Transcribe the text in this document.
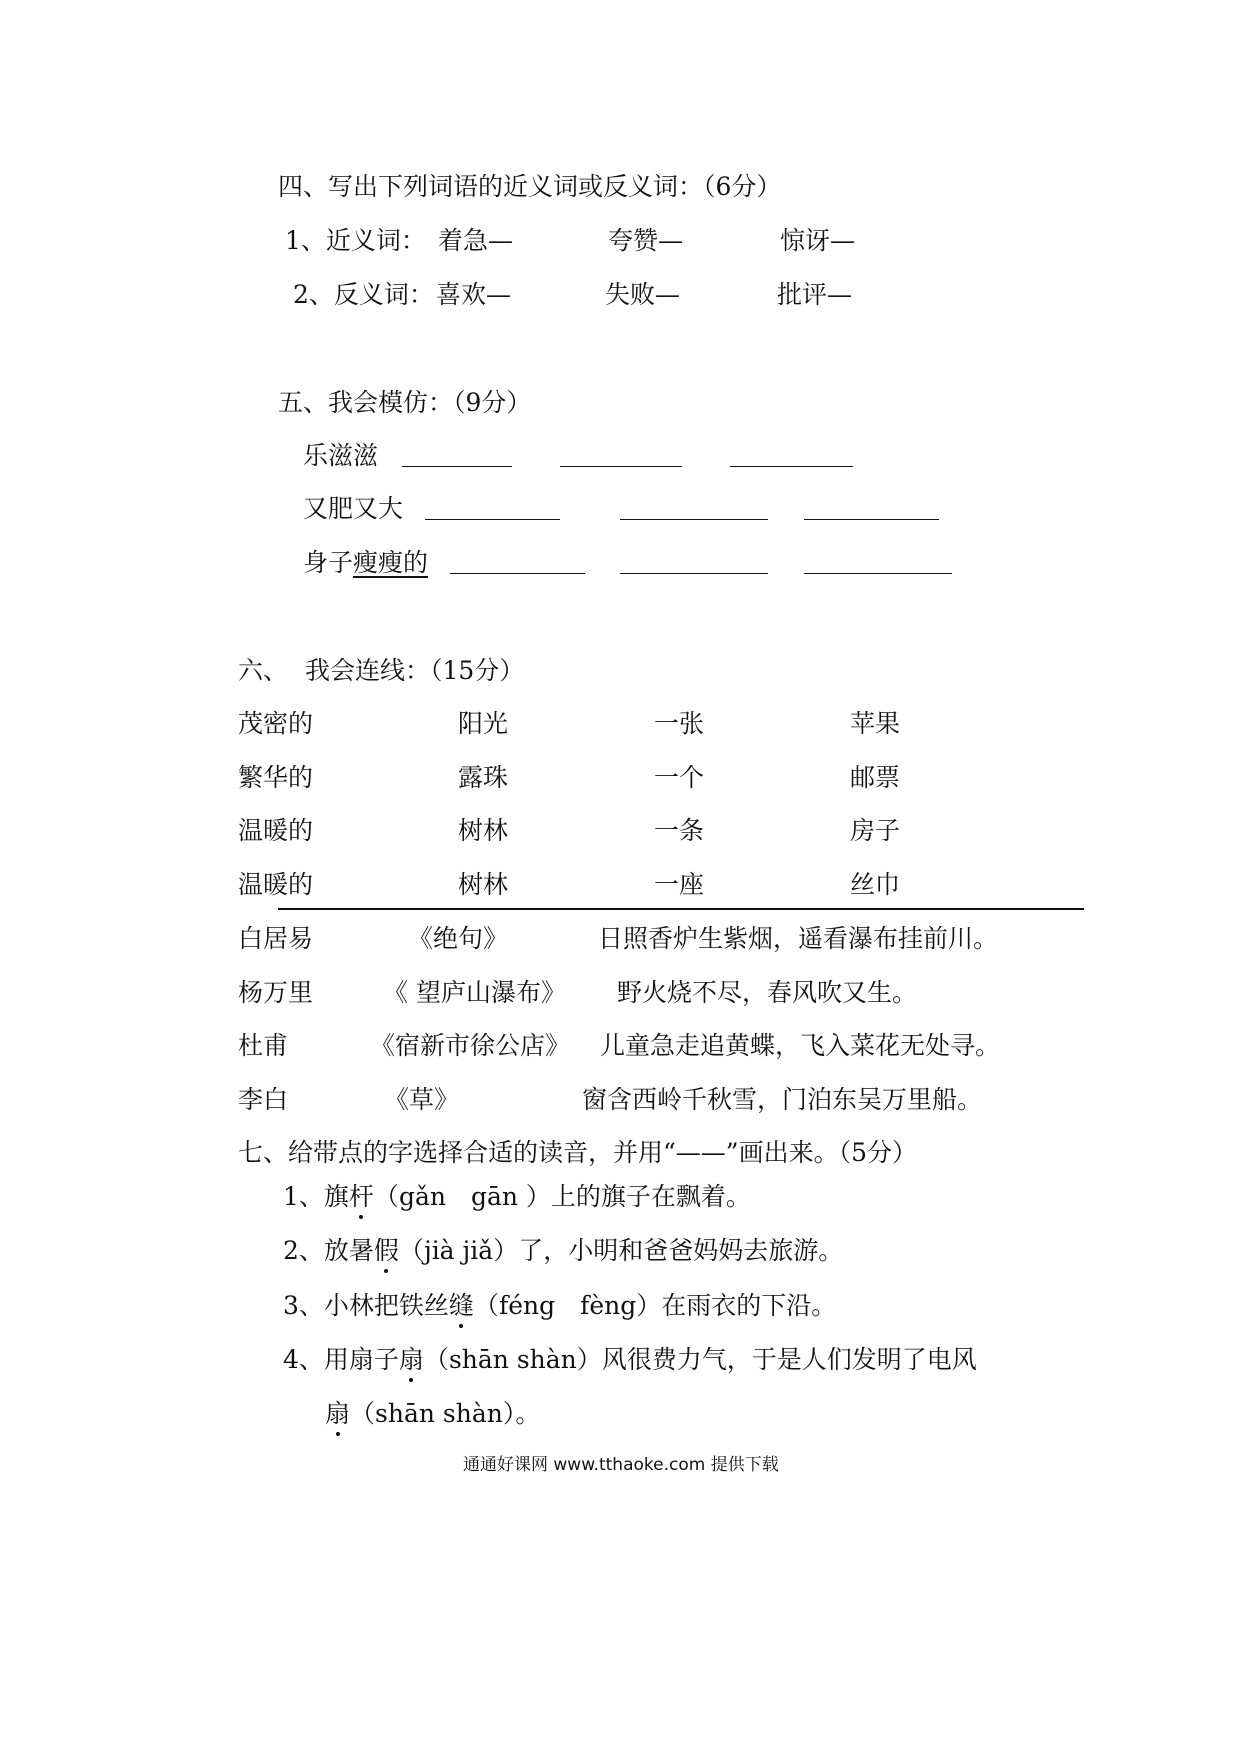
四、写出下列词语的近义词或反义词：（6分）
1、近义词： 着急—	夸赞—	惊讶—
2、反义词： 喜欢—	失败—	批评—
五、我会模仿：（9分）
乐滋滋
又肥又大
身子瘦瘦的
六、 我会连线：（15分）
茂密的	阳光	一张	苹果
繁华的	露珠	一个	邮票
温暖的	树林	一条	房子
温暖的	树林	一座	丝巾
白居易	《绝句》	日照香炉生紫烟，遥看瀑布挂前川。
杨万里	《 望庐山瀑布》 野火烧不尽，春风吹又生。
杜甫	《宿新市徐公店》 儿童急走追黄蝶，飞入菜花无处寻。
李白	《草》	窗含西岭千秋雪，门泊东吴万里船。
七、给带点的字选择合适的读音，并用“——”画出来。（5分）
1、旗杆（gǎn　gān ）上的旗子在飘着。
2、放暑假（jià jiǎ）了，小明和爸爸妈妈去旅游。
3、小林把铁丝缝（féng　fèng）在雨衣的下沿。
4、用扇子扇（shān shàn）风很费力气，于是人们发明了电风
扇（shān shàn）。
通通好课网 www.tthaoke.com 提供下载
